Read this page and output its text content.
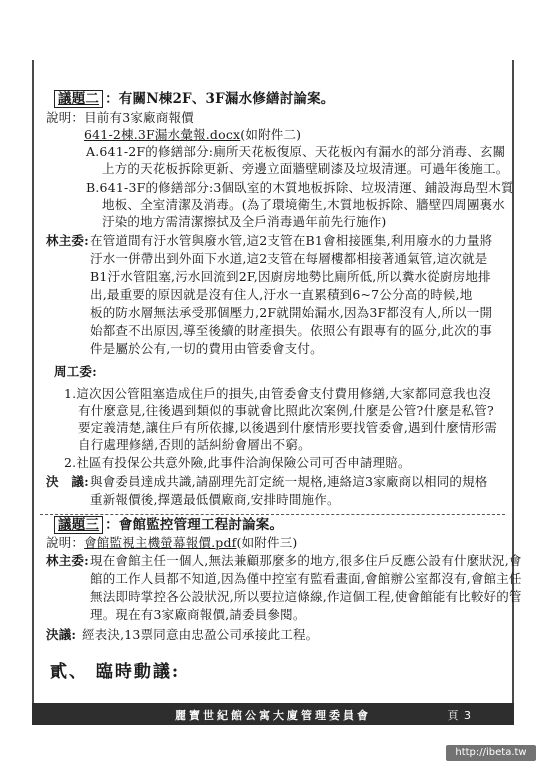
議題二 ：有關N棟2F、3F漏水修繕討論案。
說明：目前有3家廠商報價
641-2棟.3F漏水彙報.docx(如附件二)
A.641-2F的修繕部分:廁所天花板復原、天花板內有漏水的部分消毒、玄關
上方的天花板拆除更新、旁邊立面牆壁刷漆及垃圾清運。可過年後施工。
B.641-3F的修繕部分:3個臥室的木質地板拆除、垃圾清運、鋪設海島型木質
地板、全室清潔及消毒。(為了環境衛生,木質地板拆除、牆壁四周團裏水
汙染的地方需清潔擦拭及全戶消毒過年前先行施作)
林主委: 在管道間有汙水管與廢水管,這2支管在B1會相接匯集,利用廢水的力量將
汙水一併帶出到外面下水道,這2支管在每層樓都相接著通氣管,這次就是
B1汙水管阻塞,污水回流到2F,因廚房地勢比廁所低,所以糞水從廚房地排
出,最重要的原因就是沒有住人,汙水一直累積到6~7公分高的時候,地
板的防水層無法承受那個壓力,2F就開始漏水,因為3F都沒有人,所以一開
始都查不出原因,導至後續的財產損失。依照公有跟專有的區分,此次的事
件是屬於公有,一切的費用由管委會支付。
周工委:
1.這次因公管阻塞造成住戶的損失,由管委會支付費用修繕,大家都同意我也沒
有什麼意見,往後遇到類似的事就會比照此次案例,什麼是公管?什麼是私管?
要定義清楚,讓住戶有所依據,以後遇到什麼情形要找管委會,遇到什麼情形需
自行處理修繕,否則的話糾紛會層出不窮。
2.社區有投保公共意外險,此事件洽詢保險公司可否申請理賠。
決　議: 與會委員達成共識,請副理先訂定統一規格,連絡這3家廠商以相同的規格
重新報價後,擇選最低價廠商,安排時間施作。
議題三 ：會館監控管理工程討論案。
說明：會館監視主機螢幕報價.pdf(如附件三)
林主委: 現在會館主任一個人,無法兼顧那麼多的地方,很多住戶反應公設有什麼狀況,會
館的工作人員都不知道,因為僅中控室有監看畫面,會館辦公室都沒有,會館主任
無法即時掌控各公設狀況,所以要拉這條線,作這個工程,使會館能有比較好的管
理。現在有3家廠商報價,請委員參閱。
決議: 經表決,13票同意由忠盈公司承接此工程。
貳、 臨時動議:
麗寶世紀館公寓大廈管理委員會	頁 3
http://ibeta.tw
